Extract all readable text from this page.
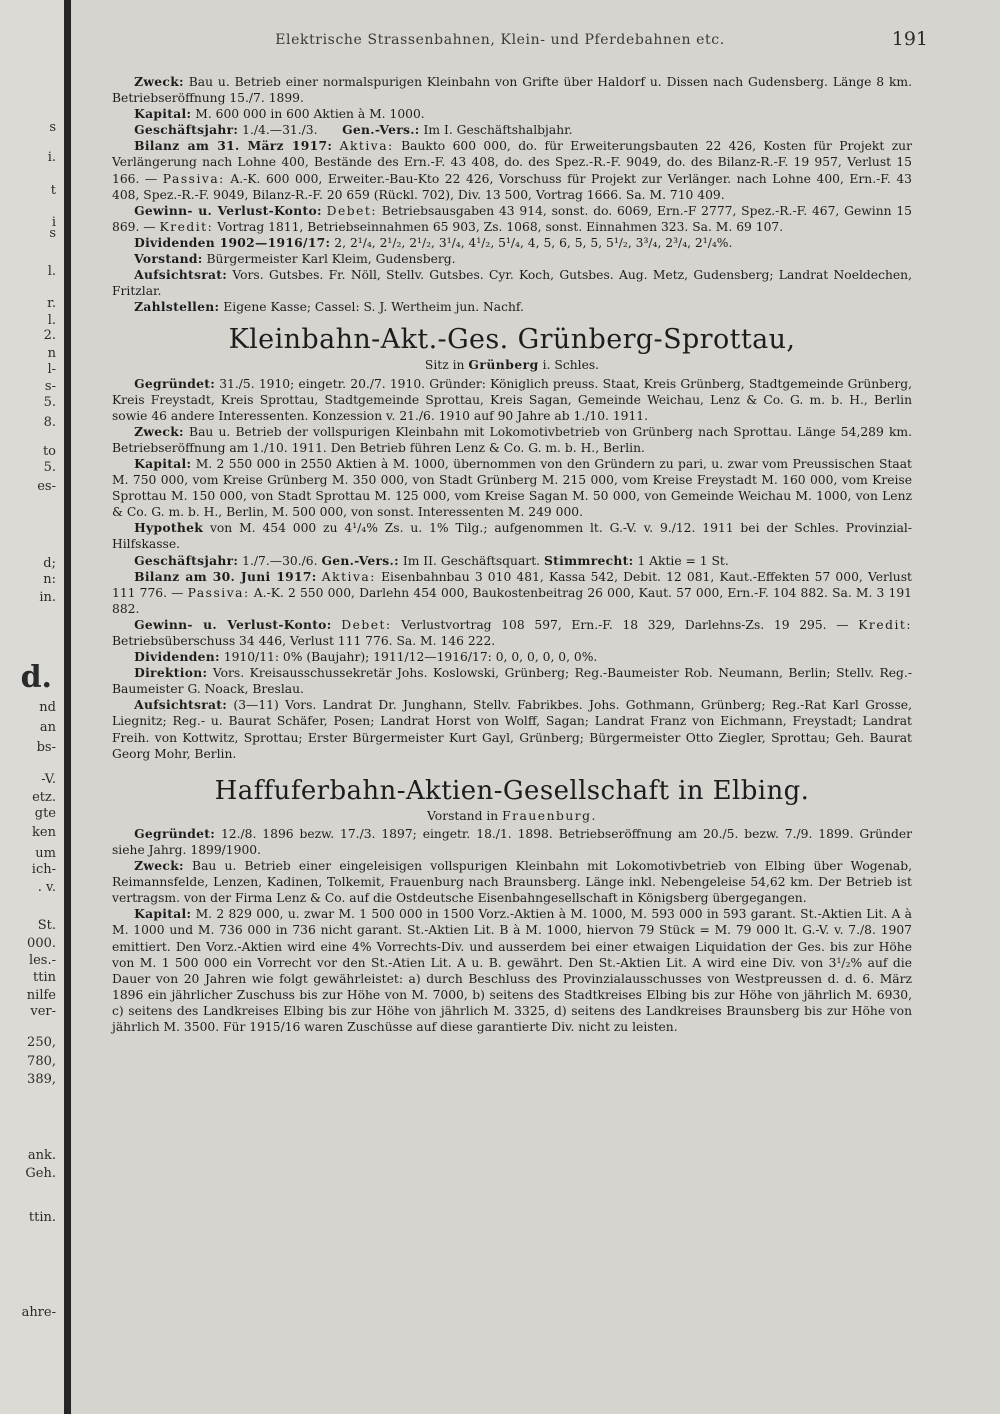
s
i.
t
i
s
l.
r.
l.
2.
n
l-
s-
5.
8.
to
5.
es-
d;
n:
in.
d.
nd
an
bs-
-V.
etz.
gte
ken
um
ich-
. v.
St.
000.
les.-
ttin
nilfe
ver-
250,
780,
389,
ank.
Geh.
ttin.
ahre-
Elektrische Strassenbahnen, Klein- und Pferdebahnen etc.	191

Zweck: Bau u. Betrieb einer normalspurigen Kleinbahn von Grifte über Haldorf u. Dissen nach Gudensberg. Länge 8 km. Betriebseröffnung 15./7. 1899.

Kapital: M. 600 000 in 600 Aktien à M. 1000.

Geschäftsjahr: 1./4.—31./3.   Gen.-Vers.: Im I. Geschäftshalbjahr.

Bilanz am 31. März 1917: Aktiva: Baukto 600 000, do. für Erweiterungsbauten 22 426, Kosten für Projekt zur Verlängerung nach Lohne 400, Bestände des Ern.-F. 43 408, do. des Spez.-R.-F. 9049, do. des Bilanz-R.-F. 19 957, Verlust 15 166. — Passiva: A.-K. 600 000, Erweiter.-Bau-Kto 22 426, Vorschuss für Projekt zur Verlänger. nach Lohne 400, Ern.-F. 43 408, Spez.-R.-F. 9049, Bilanz-R.-F. 20 659 (Rückl. 702), Div. 13 500, Vortrag 1666. Sa. M. 710 409.

Gewinn- u. Verlust-Konto: Debet: Betriebsausgaben 43 914, sonst. do. 6069, Ern.-F 2777, Spez.-R.-F. 467, Gewinn 15 869. — Kredit: Vortrag 1811, Betriebseinnahmen 65 903, Zs. 1068, sonst. Einnahmen 323. Sa. M. 69 107.

Dividenden 1902—1916/17: 2, 2¹/₄, 2¹/₂, 2¹/₂, 3¹/₄, 4¹/₂, 5¹/₄, 4, 5, 6, 5, 5, 5¹/₂, 3³/₄, 2³/₄, 2¹/₄%.

Vorstand: Bürgermeister Karl Kleim, Gudensberg.

Aufsichtsrat: Vors. Gutsbes. Fr. Nöll, Stellv. Gutsbes. Cyr. Koch, Gutsbes. Aug. Metz, Gudensberg; Landrat Noeldechen, Fritzlar.

Zahlstellen: Eigene Kasse; Cassel: S. J. Wertheim jun. Nachf.

Kleinbahn-Akt.-Ges. Grünberg-Sprottau,

Sitz in Grünberg i. Schles.

Gegründet: 31./5. 1910; eingetr. 20./7. 1910. Gründer: Königlich preuss. Staat, Kreis Grünberg, Stadtgemeinde Grünberg, Kreis Freystadt, Kreis Sprottau, Stadtgemeinde Sprottau, Kreis Sagan, Gemeinde Weichau, Lenz & Co. G. m. b. H., Berlin sowie 46 andere Interessenten. Konzession v. 21./6. 1910 auf 90 Jahre ab 1./10. 1911.

Zweck: Bau u. Betrieb der vollspurigen Kleinbahn mit Lokomotivbetrieb von Grünberg nach Sprottau. Länge 54,289 km. Betriebseröffnung am 1./10. 1911. Den Betrieb führen Lenz & Co. G. m. b. H., Berlin.

Kapital: M. 2 550 000 in 2550 Aktien à M. 1000, übernommen von den Gründern zu pari, u. zwar vom Preussischen Staat M. 750 000, vom Kreise Grünberg M. 350 000, von Stadt Grünberg M. 215 000, vom Kreise Freystadt M. 160 000, vom Kreise Sprottau M. 150 000, von Stadt Sprottau M. 125 000, vom Kreise Sagan M. 50 000, von Gemeinde Weichau M. 1000, von Lenz & Co. G. m. b. H., Berlin, M. 500 000, von sonst. Interessenten M. 249 000.

Hypothek von M. 454 000 zu 4¹/₄% Zs. u. 1% Tilg.; aufgenommen lt. G.-V. v. 9./12. 1911 bei der Schles. Provinzial-Hilfskasse.

Geschäftsjahr: 1./7.—30./6. Gen.-Vers.: Im II. Geschäftsquart. Stimmrecht: 1 Aktie = 1 St.

Bilanz am 30. Juni 1917: Aktiva: Eisenbahnbau 3 010 481, Kassa 542, Debit. 12 081, Kaut.-Effekten 57 000, Verlust 111 776. — Passiva: A.-K. 2 550 000, Darlehn 454 000, Baukostenbeitrag 26 000, Kaut. 57 000, Ern.-F. 104 882. Sa. M. 3 191 882.

Gewinn- u. Verlust-Konto: Debet: Verlustvortrag 108 597, Ern.-F. 18 329, Darlehns-Zs. 19 295. — Kredit: Betriebsüberschuss 34 446, Verlust 111 776. Sa. M. 146 222.

Dividenden: 1910/11: 0% (Baujahr); 1911/12—1916/17: 0, 0, 0, 0, 0, 0%.

Direktion: Vors. Kreisausschussekretär Johs. Koslowski, Grünberg; Reg.-Baumeister Rob. Neumann, Berlin; Stellv. Reg.-Baumeister G. Noack, Breslau.

Aufsichtsrat: (3—11) Vors. Landrat Dr. Junghann, Stellv. Fabrikbes. Johs. Gothmann, Grünberg; Reg.-Rat Karl Grosse, Liegnitz; Reg.- u. Baurat Schäfer, Posen; Landrat Horst von Wolff, Sagan; Landrat Franz von Eichmann, Freystadt; Landrat Freih. von Kottwitz, Sprottau; Erster Bürgermeister Kurt Gayl, Grünberg; Bürgermeister Otto Ziegler, Sprottau; Geh. Baurat Georg Mohr, Berlin.

Haffuferbahn-Aktien-Gesellschaft in Elbing.

Vorstand in Frauenburg.

Gegründet: 12./8. 1896 bezw. 17./3. 1897; eingetr. 18./1. 1898. Betriebseröffnung am 20./5. bezw. 7./9. 1899. Gründer siehe Jahrg. 1899/1900.

Zweck: Bau u. Betrieb einer eingeleisigen vollspurigen Kleinbahn mit Lokomotivbetrieb von Elbing über Wogenab, Reimannsfelde, Lenzen, Kadinen, Tolkemit, Frauenburg nach Braunsberg. Länge inkl. Nebengeleise 54,62 km. Der Betrieb ist vertragsm. von der Firma Lenz & Co. auf die Ostdeutsche Eisenbahngesellschaft in Königsberg übergegangen.

Kapital: M. 2 829 000, u. zwar M. 1 500 000 in 1500 Vorz.-Aktien à M. 1000, M. 593 000 in 593 garant. St.-Aktien Lit. A à M. 1000 und M. 736 000 in 736 nicht garant. St.-Aktien Lit. B à M. 1000, hiervon 79 Stück = M. 79 000 lt. G.-V. v. 7./8. 1907 emittiert. Den Vorz.-Aktien wird eine 4% Vorrechts-Div. und ausserdem bei einer etwaigen Liquidation der Ges. bis zur Höhe von M. 1 500 000 ein Vorrecht vor den St.-Atien Lit. A u. B. gewährt. Den St.-Aktien Lit. A wird eine Div. von 3¹/₂% auf die Dauer von 20 Jahren wie folgt gewährleistet: a) durch Beschluss des Provinzialausschusses von Westpreussen d. d. 6. März 1896 ein jährlicher Zuschuss bis zur Höhe von M. 7000, b) seitens des Stadtkreises Elbing bis zur Höhe von jährlich M. 6930, c) seitens des Landkreises Elbing bis zur Höhe von jährlich M. 3325, d) seitens des Landkreises Braunsberg bis zur Höhe von jährlich M. 3500. Für 1915/16 waren Zuschüsse auf diese garantierte Div. nicht zu leisten.
